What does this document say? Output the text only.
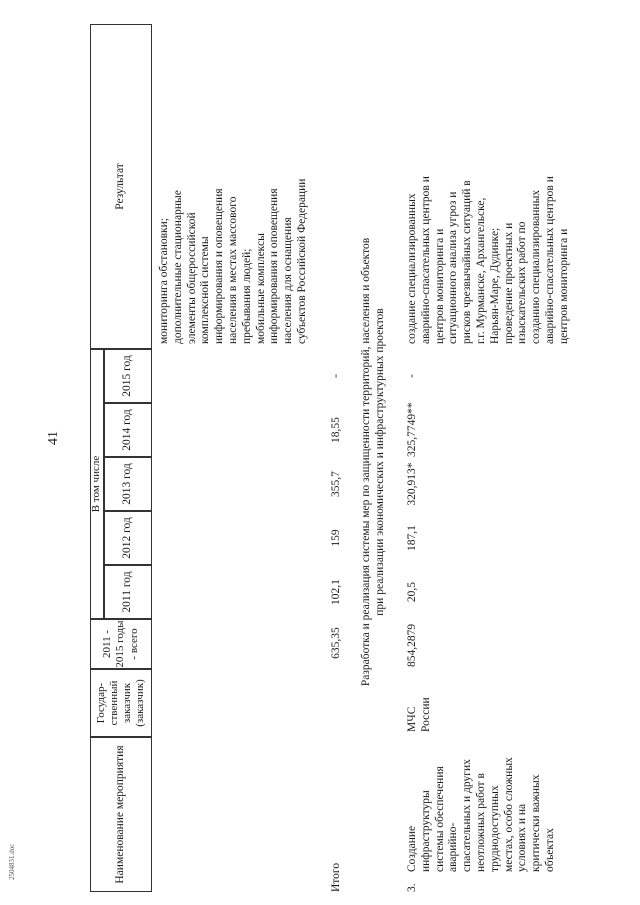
41
2504831.doc	Наименование мероприятия
Государ- ственный заказчик (заказчик)
2011 - 2015 годы - всего
В том числе
2011 год
2012 год
2013 год
2014 год
2015 год
Результат
мониторинга обстановки; дополнительные стационарные элементы общероссийской комплексной системы информирования и оповещения населения в местах массового пребывания людей; мобильные комплексы информирования и оповещения населения для оснащения субъектов Российской Федерации
Итого
635,35
102,1
159
355,7
18,55
- Разработка и реализация системы мер по защищенности территорий, населения и объектов при реализации экономических и инфраструктурных проектов
3.
Создание инфраструктуры системы обеспечения аварийно- спасательных и других неотложных работ в труднодоступных местах, особо сложных условиях и на критически важных объектах
МЧС России
854,2879
20,5
187,1
320,913*
325,7749**
-
создание специализированных аварийно-спасательных центров и центров мониторинга и ситуационного анализа угроз и рисков чрезвычайных ситуаций в г.г. Мурманске, Архангельске, Нарьян-Маре, Дудинке; проведение проектных и изыскательских работ по созданию специализированных аварийно-спасательных центров и центров мониторинга и
